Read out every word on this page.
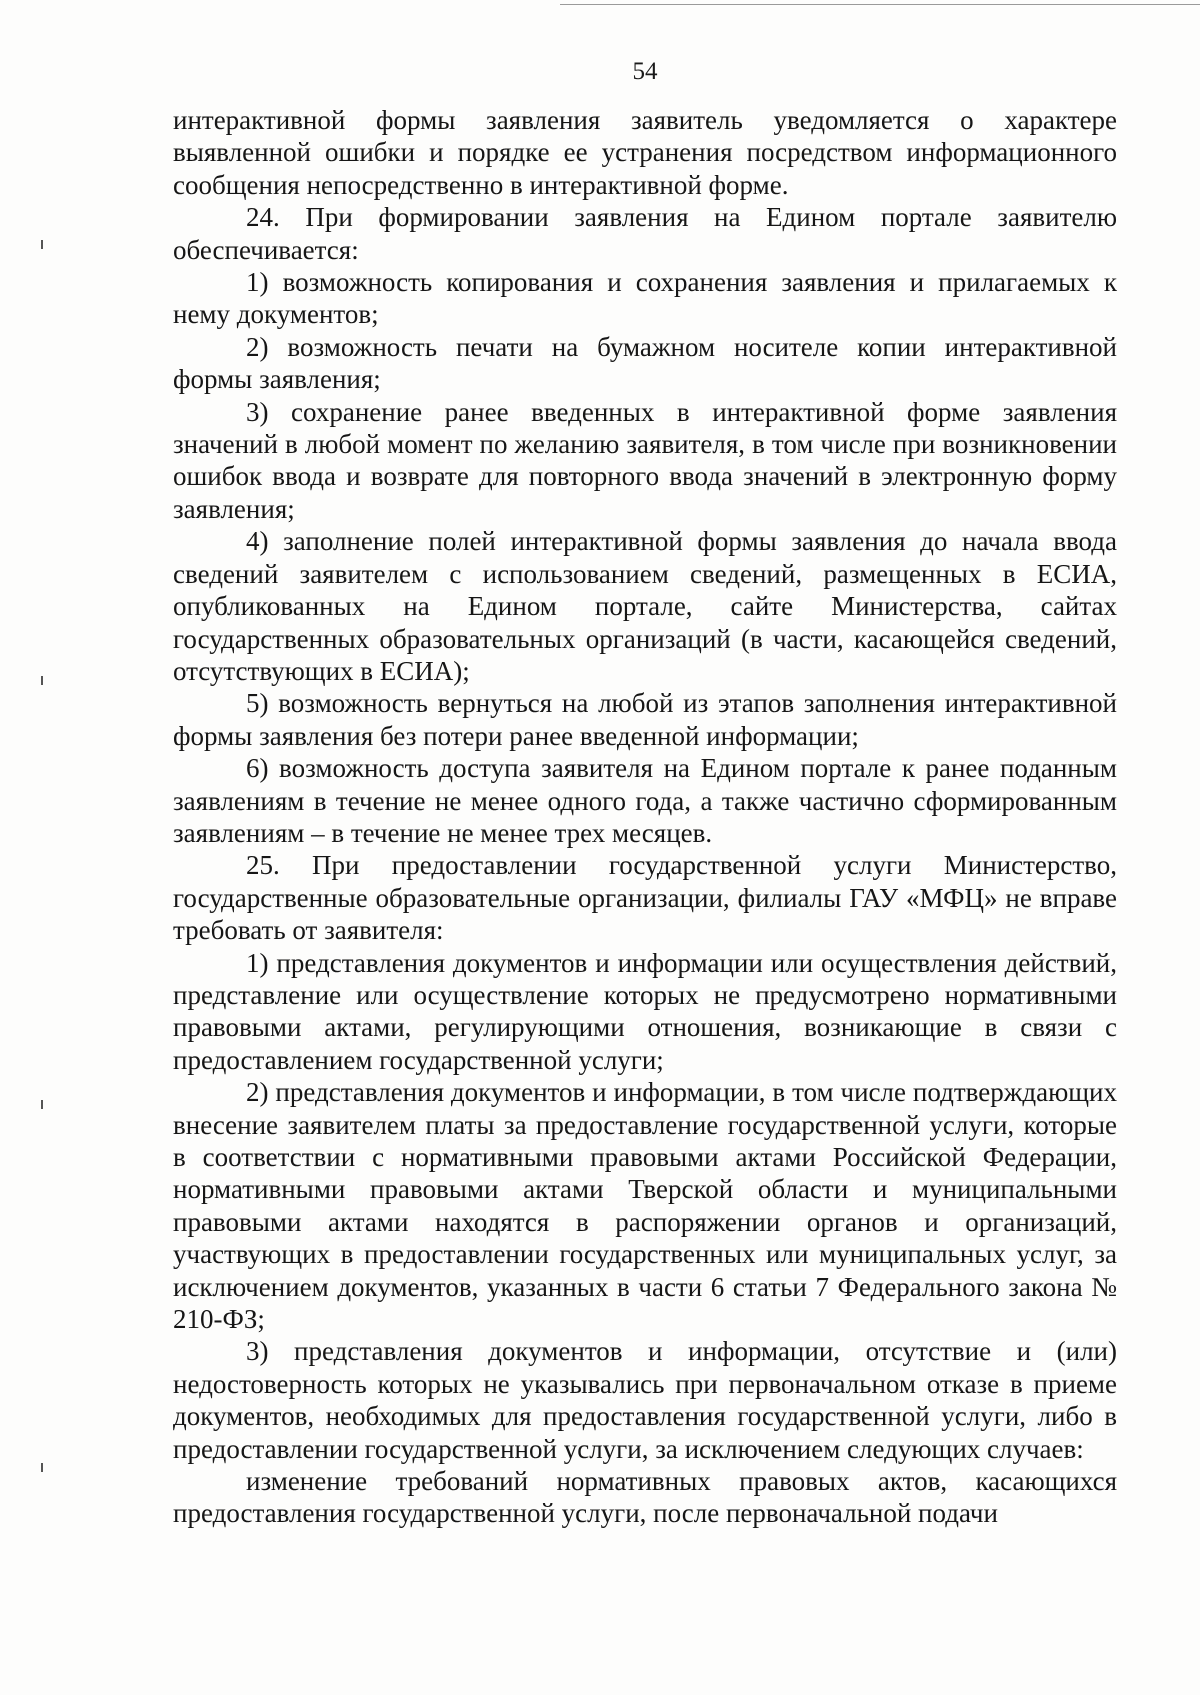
54

интерактивной формы заявления заявитель уведомляется о характере выявленной ошибки и порядке ее устранения посредством информационного сообщения непосредственно в интерактивной форме.

24. При формировании заявления на Едином портале заявителю обеспечивается:

1) возможность копирования и сохранения заявления и прилагаемых к нему документов;

2) возможность печати на бумажном носителе копии интерактивной формы заявления;

3) сохранение ранее введенных в интерактивной форме заявления значений в любой момент по желанию заявителя, в том числе при возникновении ошибок ввода и возврате для повторного ввода значений в электронную форму заявления;

4) заполнение полей интерактивной формы заявления до начала ввода сведений заявителем с использованием сведений, размещенных в ЕСИА, опубликованных на Едином портале, сайте Министерства, сайтах государственных образовательных организаций (в части, касающейся сведений, отсутствующих в ЕСИА);

5) возможность вернуться на любой из этапов заполнения интерактивной формы заявления без потери ранее введенной информации;

6) возможность доступа заявителя на Едином портале к ранее поданным заявлениям в течение не менее одного года, а также частично сформированным заявлениям – в течение не менее трех месяцев.

25. При предоставлении государственной услуги Министерство, государственные образовательные организации, филиалы ГАУ «МФЦ» не вправе требовать от заявителя:

1) представления документов и информации или осуществления действий, представление или осуществление которых не предусмотрено нормативными правовыми актами, регулирующими отношения, возникающие в связи с предоставлением государственной услуги;

2) представления документов и информации, в том числе подтверждающих внесение заявителем платы за предоставление государственной услуги, которые в соответствии с нормативными правовыми актами Российской Федерации, нормативными правовыми актами Тверской области и муниципальными правовыми актами находятся в распоряжении органов и организаций, участвующих в предоставлении государственных или муниципальных услуг, за исключением документов, указанных в части 6 статьи 7 Федерального закона № 210-ФЗ;

3) представления документов и информации, отсутствие и (или) недостоверность которых не указывались при первоначальном отказе в приеме документов, необходимых для предоставления государственной услуги, либо в предоставлении государственной услуги, за исключением следующих случаев:

изменение требований нормативных правовых актов, касающихся предоставления государственной услуги, после первоначальной подачи
